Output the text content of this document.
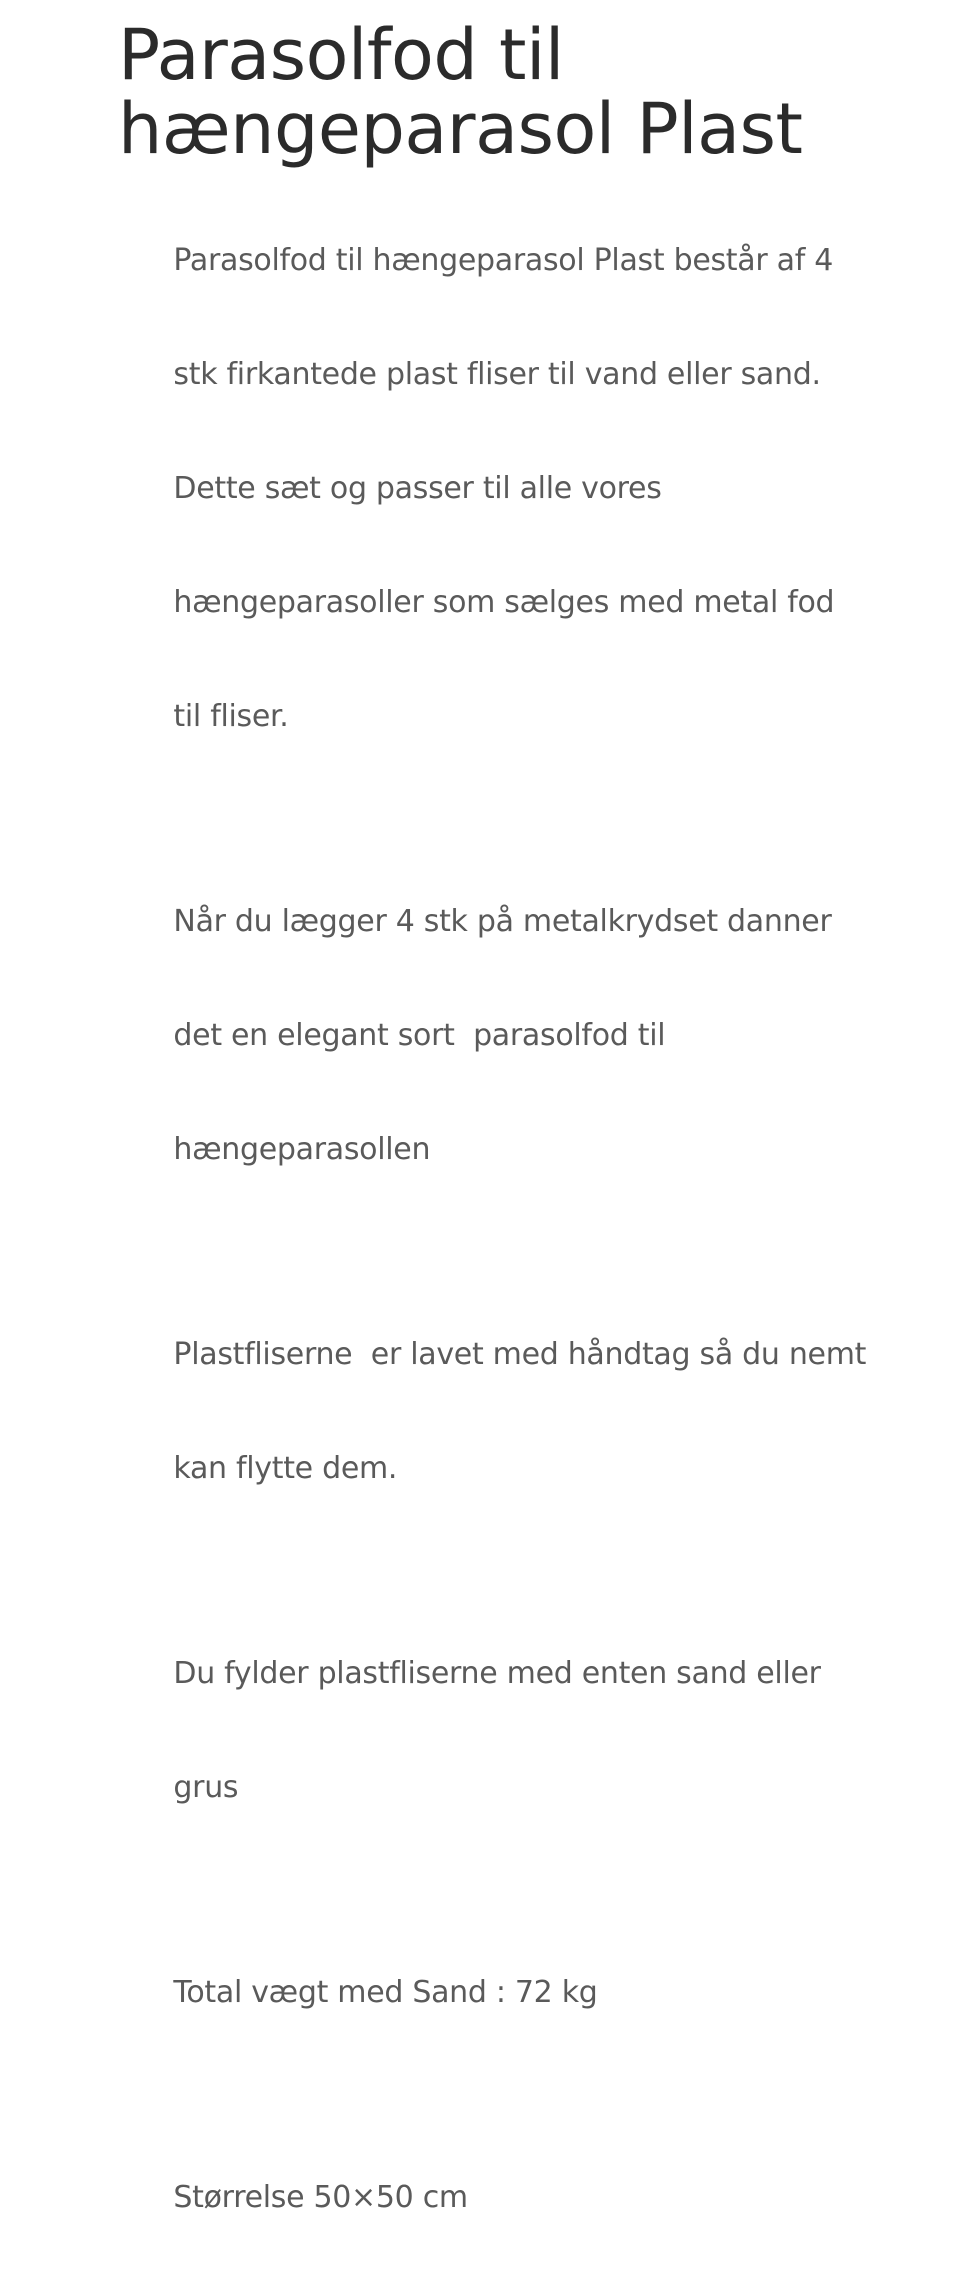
Parasolfod til
hængeparasol Plast

Parasolfod til hængeparasol Plast består af 4

stk firkantede plast fliser til vand eller sand.

Dette sæt og passer til alle vores

hængeparasoller som sælges med metal fod

til fliser.

Når du lægger 4 stk på metalkrydset danner

det en elegant sort  parasolfod til

hængeparasollen

Plastfliserne  er lavet med håndtag så du nemt

kan flytte dem.

Du fylder plastfliserne med enten sand eller

grus

Total vægt med Sand : 72 kg

Størrelse 50×50 cm
